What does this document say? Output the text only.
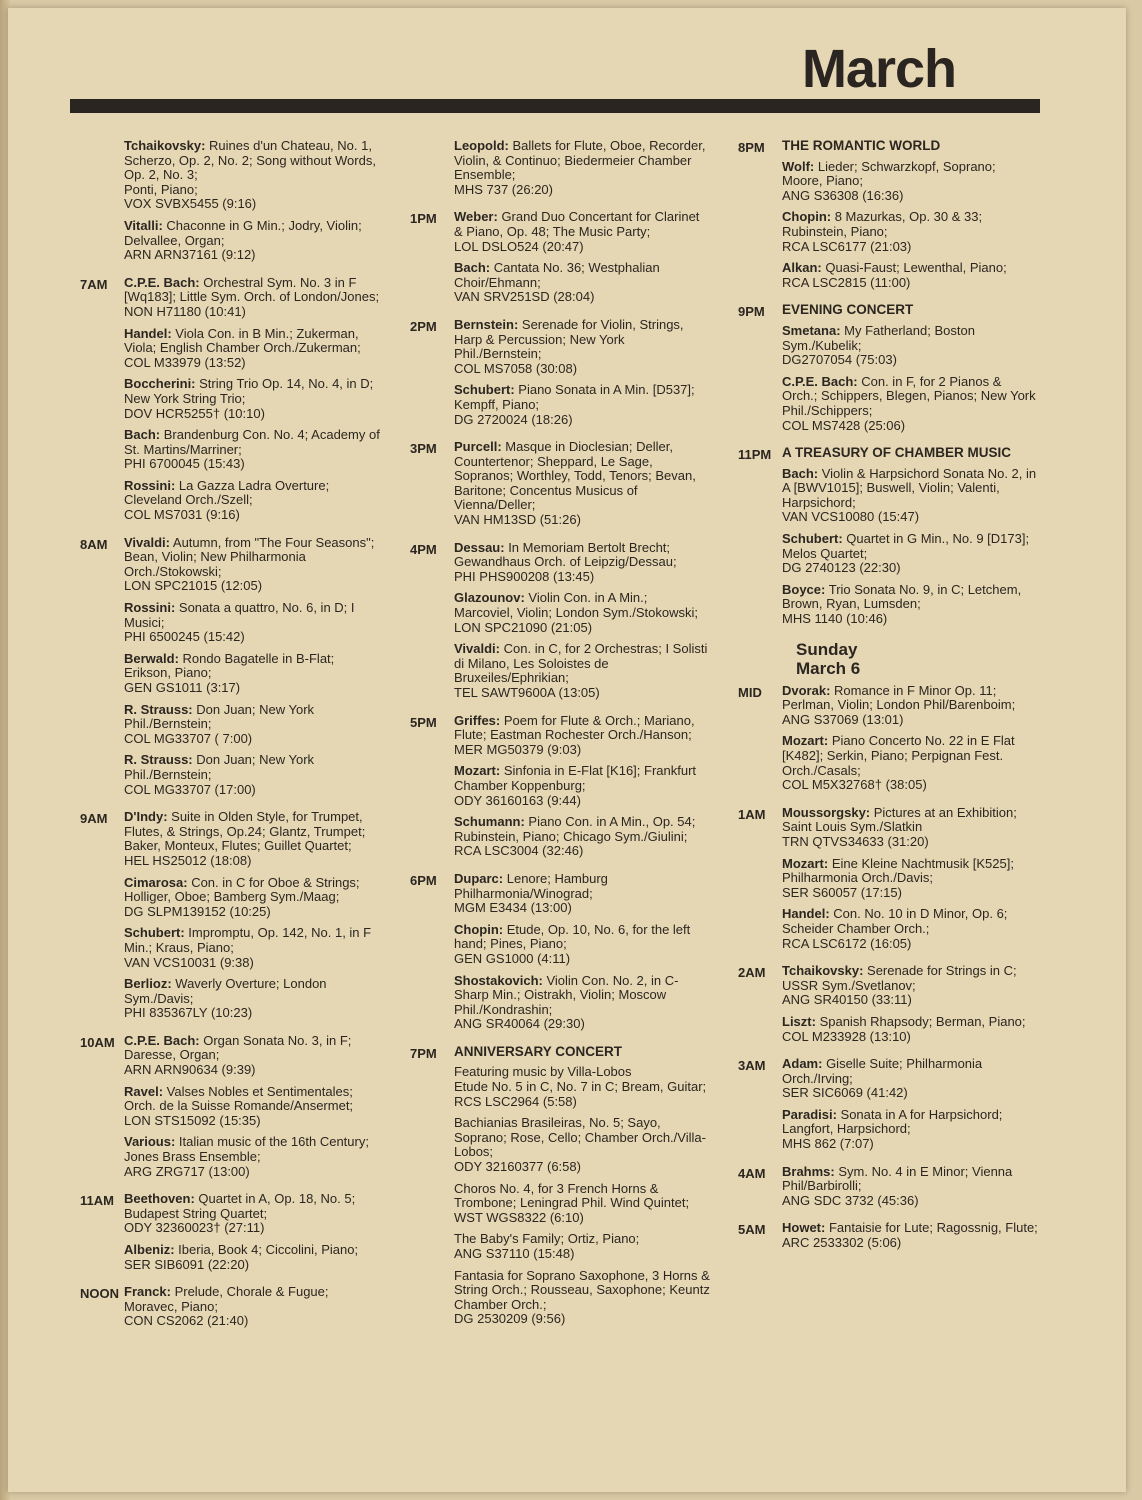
March
Tchaikovsky: Ruines d'un Chateau, No. 1, Scherzo, Op. 2, No. 2; Song without Words, Op. 2, No. 3;
Ponti, Piano;
VOX SVBX5455 (9:16)
Vitalli: Chaconne in G Min.; Jodry, Violin; Delvallee, Organ;
ARN ARN37161 (9:12)
7AM	C.P.E. Bach: Orchestral Sym. No. 3 in F [Wq183]; Little Sym. Orch. of London/Jones;
NON H71180 (10:41)
Handel: Viola Con. in B Min.; Zukerman, Viola; English Chamber Orch./Zukerman;
COL M33979 (13:52)
Boccherini: String Trio Op. 14, No. 4, in D; New York String Trio;
DOV HCR5255† (10:10)
Bach: Brandenburg Con. No. 4; Academy of St. Martins/Marriner;
PHI 6700045 (15:43)
Rossini: La Gazza Ladra Overture; Cleveland Orch./Szell;
COL MS7031 (9:16)
8AM	Vivaldi: Autumn, from "The Four Seasons"; Bean, Violin; New Philharmonia Orch./Stokowski;
LON SPC21015 (12:05)
Rossini: Sonata a quattro, No. 6, in D; I Musici;
PHI 6500245 (15:42)
Berwald: Rondo Bagatelle in B-Flat; Erikson, Piano;
GEN GS1011 (3:17)
R. Strauss: Don Juan; New York Phil./Bernstein;
COL MG33707 ( 7:00)
R. Strauss: Don Juan; New York Phil./Bernstein;
COL MG33707 (17:00)
9AM	D'Indy: Suite in Olden Style, for Trumpet, Flutes, & Strings, Op.24; Glantz, Trumpet; Baker, Monteux, Flutes; Guillet Quartet;
HEL HS25012 (18:08)
Cimarosa: Con. in C for Oboe & Strings; Holliger, Oboe; Bamberg Sym./Maag;
DG SLPM139152 (10:25)
Schubert: Impromptu, Op. 142, No. 1, in F Min.; Kraus, Piano;
VAN VCS10031 (9:38)
Berlioz: Waverly Overture; London Sym./Davis;
PHI 835367LY (10:23)
10AM C.P.E. Bach: Organ Sonata No. 3, in F; Daresse, Organ;
ARN ARN90634 (9:39)
Ravel: Valses Nobles et Sentimentales; Orch. de la Suisse Romande/Ansermet;
LON STS15092 (15:35)
Various: Italian music of the 16th Century; Jones Brass Ensemble;
ARG ZRG717 (13:00)
11AM Beethoven: Quartet in A, Op. 18, No. 5; Budapest String Quartet;
ODY 32360023† (27:11)
Albeniz: Iberia, Book 4; Ciccolini, Piano;
SER SIB6091 (22:20)
NOON Franck: Prelude, Chorale & Fugue; Moravec, Piano;
CON CS2062 (21:40)
Leopold: Ballets for Flute, Oboe, Recorder, Violin, & Continuo; Biedermeier Chamber Ensemble;
MHS 737 (26:20)
1PM	Weber: Grand Duo Concertant for Clarinet & Piano, Op. 48; The Music Party;
LOL DSLO524 (20:47)
Bach: Cantata No. 36; Westphalian Choir/Ehmann;
VAN SRV251SD (28:04)
2PM	Bernstein: Serenade for Violin, Strings, Harp & Percussion; New York Phil./Bernstein;
COL MS7058 (30:08)
Schubert: Piano Sonata in A Min. [D537]; Kempff, Piano;
DG 2720024 (18:26)
3PM	Purcell: Masque in Dioclesian; Deller, Countertenor; Sheppard, Le Sage, Sopranos; Worthley, Todd, Tenors; Bevan, Baritone; Concentus Musicus of Vienna/Deller;
VAN HM13SD (51:26)
4PM	Dessau: In Memoriam Bertolt Brecht; Gewandhaus Orch. of Leipzig/Dessau;
PHI PHS900208 (13:45)
Glazounov: Violin Con. in A Min.; Marcoviel, Violin; London Sym./Stokowski;
LON SPC21090 (21:05)
Vivaldi: Con. in C, for 2 Orchestras; I Solisti di Milano, Les Soloistes de Bruxeiles/Ephrikian;
TEL SAWT9600A (13:05)
5PM	Griffes: Poem for Flute & Orch.; Mariano, Flute; Eastman Rochester Orch./Hanson;
MER MG50379 (9:03)
Mozart: Sinfonia in E-Flat [K16]; Frankfurt Chamber Koppenburg;
ODY 36160163 (9:44)
Schumann: Piano Con. in A Min., Op. 54; Rubinstein, Piano; Chicago Sym./Giulini;
RCA LSC3004 (32:46)
6PM	Duparc: Lenore; Hamburg Philharmonia/Winograd;
MGM E3434 (13:00)
Chopin: Etude, Op. 10, No. 6, for the left hand; Pines, Piano;
GEN GS1000 (4:11)
Shostakovich: Violin Con. No. 2, in C-Sharp Min.; Oistrakh, Violin; Moscow Phil./Kondrashin;
ANG SR40064 (29:30)
7PM	ANNIVERSARY CONCERT
Featuring music by Villa-Lobos
Etude No. 5 in C, No. 7 in C; Bream, Guitar;
RCS LSC2964 (5:58)
Bachianias Brasileiras, No. 5; Sayo, Soprano; Rose, Cello; Chamber Orch./Villa-Lobos;
ODY 32160377 (6:58)
Choros No. 4, for 3 French Horns & Trombone; Leningrad Phil. Wind Quintet;
WST WGS8322 (6:10)
The Baby's Family; Ortiz, Piano;
ANG S37110 (15:48)
Fantasia for Soprano Saxophone, 3 Horns & String Orch.; Rousseau, Saxophone; Keuntz Chamber Orch.;
DG 2530209 (9:56)
8PM	THE ROMANTIC WORLD
Wolf: Lieder; Schwarzkopf, Soprano; Moore, Piano;
ANG S36308 (16:36)
Chopin: 8 Mazurkas, Op. 30 & 33; Rubinstein, Piano;
RCA LSC6177 (21:03)
Alkan: Quasi-Faust; Lewenthal, Piano;
RCA LSC2815 (11:00)
9PM	EVENING CONCERT
Smetana: My Fatherland; Boston Sym./Kubelik;
DG2707054 (75:03)
C.P.E. Bach: Con. in F, for 2 Pianos & Orch.; Schippers, Blegen, Pianos; New York Phil./Schippers;
COL MS7428 (25:06)
11PM A TREASURY OF CHAMBER MUSIC
Bach: Violin & Harpsichord Sonata No. 2, in A [BWV1015]; Buswell, Violin; Valenti, Harpsichord;
VAN VCS10080 (15:47)
Schubert: Quartet in G Min., No. 9 [D173]; Melos Quartet;
DG 2740123 (22:30)
Boyce: Trio Sonata No. 9, in C; Letchem, Brown, Ryan, Lumsden;
MHS 1140 (10:46)
Sunday
March 6
MID	Dvorak: Romance in F Minor Op. 11; Perlman, Violin; London Phil/Barenboim;
ANG S37069 (13:01)
Mozart: Piano Concerto No. 22 in E Flat [K482]; Serkin, Piano; Perpignan Fest. Orch./Casals;
COL M5X32768† (38:05)
1AM	Moussorgsky: Pictures at an Exhibition; Saint Louis Sym./Slatkin
TRN QTVS34633 (31:20)
Mozart: Eine Kleine Nachtmusik [K525]; Philharmonia Orch./Davis;
SER S60057 (17:15)
Handel: Con. No. 10 in D Minor, Op. 6; Scheider Chamber Orch.;
RCA LSC6172 (16:05)
2AM	Tchaikovsky: Serenade for Strings in C; USSR Sym./Svetlanov;
ANG SR40150 (33:11)
Liszt: Spanish Rhapsody; Berman, Piano;
COL M233928 (13:10)
3AM	Adam: Giselle Suite; Philharmonia Orch./Irving;
SER SIC6069 (41:42)
Paradisi: Sonata in A for Harpsichord; Langfort, Harpsichord;
MHS 862 (7:07)
4AM	Brahms: Sym. No. 4 in E Minor; Vienna Phil/Barbirolli;
ANG SDC 3732 (45:36)
5AM	Howet: Fantaisie for Lute; Ragossnig, Flute;
ARC 2533302 (5:06)
